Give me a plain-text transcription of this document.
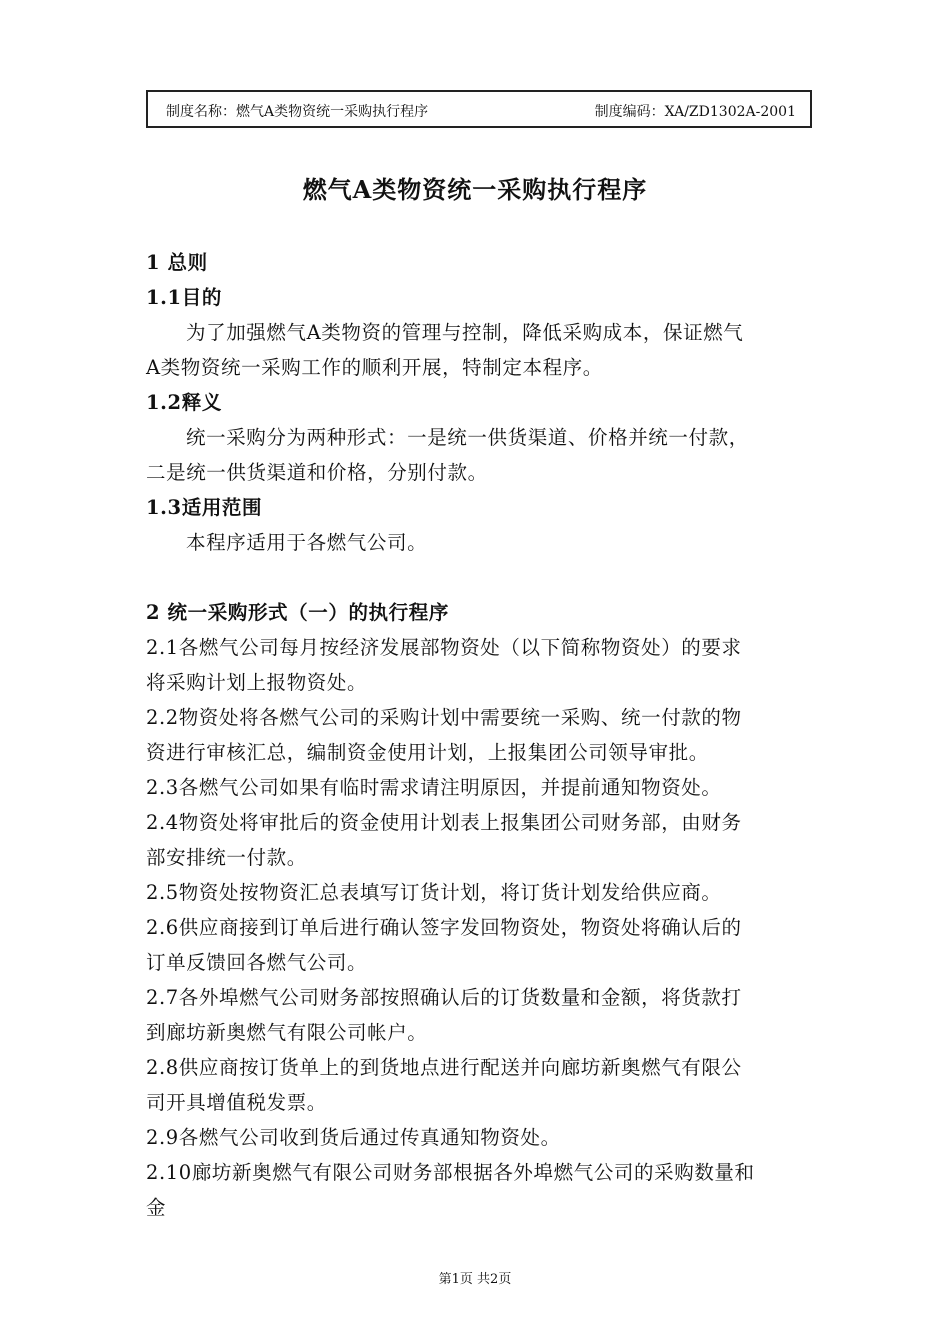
制度名称：燃气A类物资统一采购执行程序	制度编码：XA/ZD1302A-2001
燃气A类物资统一采购执行程序
1 总则
1.1目的
为了加强燃气A类物资的管理与控制，降低采购成本，保证燃气
A类物资统一采购工作的顺利开展，特制定本程序。
1.2释义
统一采购分为两种形式：一是统一供货渠道、价格并统一付款，
二是统一供货渠道和价格，分别付款。
1.3适用范围
本程序适用于各燃气公司。
2 统一采购形式（一）的执行程序
2.1各燃气公司每月按经济发展部物资处（以下简称物资处）的要求
将采购计划上报物资处。
2.2物资处将各燃气公司的采购计划中需要统一采购、统一付款的物
资进行审核汇总，编制资金使用计划，上报集团公司领导审批。
2.3各燃气公司如果有临时需求请注明原因，并提前通知物资处。
2.4物资处将审批后的资金使用计划表上报集团公司财务部，由财务
部安排统一付款。
2.5物资处按物资汇总表填写订货计划，将订货计划发给供应商。
2.6供应商接到订单后进行确认签字发回物资处，物资处将确认后的
订单反馈回各燃气公司。
2.7各外埠燃气公司财务部按照确认后的订货数量和金额，将货款打
到廊坊新奥燃气有限公司帐户。
2.8供应商按订货单上的到货地点进行配送并向廊坊新奥燃气有限公
司开具增值税发票。
2.9各燃气公司收到货后通过传真通知物资处。
2.10廊坊新奥燃气有限公司财务部根据各外埠燃气公司的采购数量和
金
第1页 共2页
